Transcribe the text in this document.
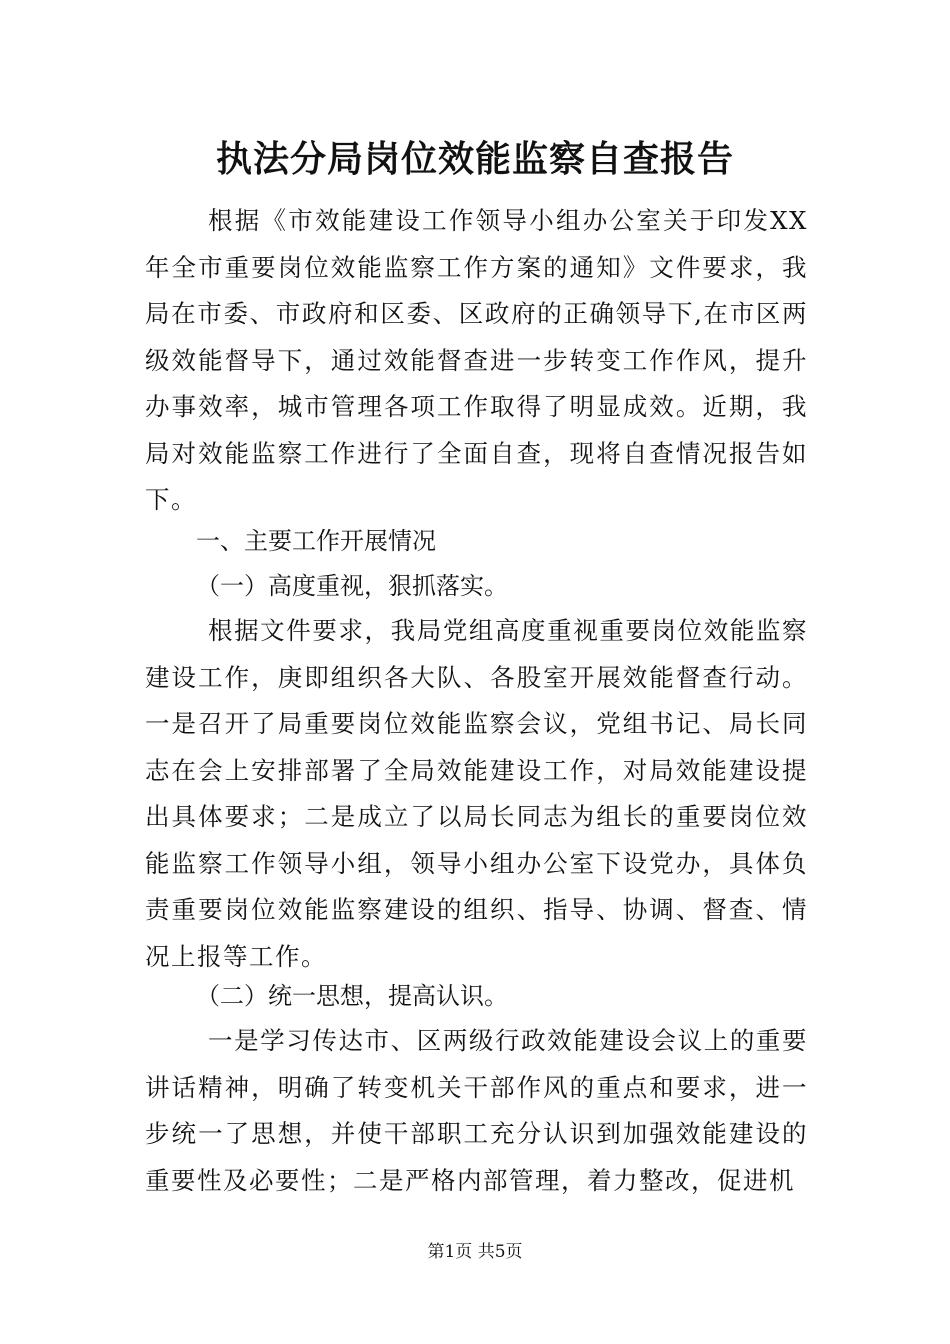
执法分局岗位效能监察自查报告

根据《市效能建设工作领导小组办公室关于印发XX年全市重要岗位效能监察工作方案的通知》文件要求，我局在市委、市政府和区委、区政府的正确领导下,在市区两级效能督导下，通过效能督查进一步转变工作作风，提升办事效率，城市管理各项工作取得了明显成效。近期，我局对效能监察工作进行了全面自查，现将自查情况报告如下。

一、主要工作开展情况

（一）高度重视，狠抓落实。

根据文件要求，我局党组高度重视重要岗位效能监察建设工作，庚即组织各大队、各股室开展效能督查行动。一是召开了局重要岗位效能监察会议，党组书记、局长同志在会上安排部署了全局效能建设工作，对局效能建设提出具体要求；二是成立了以局长同志为组长的重要岗位效能监察工作领导小组，领导小组办公室下设党办，具体负责重要岗位效能监察建设的组织、指导、协调、督查、情况上报等工作。

（二）统一思想，提高认识。

一是学习传达市、区两级行政效能建设会议上的重要讲话精神，明确了转变机关干部作风的重点和要求，进一步统一了思想，并使干部职工充分认识到加强效能建设的重要性及必要性；二是严格内部管理，着力整改，促进机

第1页 共5页
